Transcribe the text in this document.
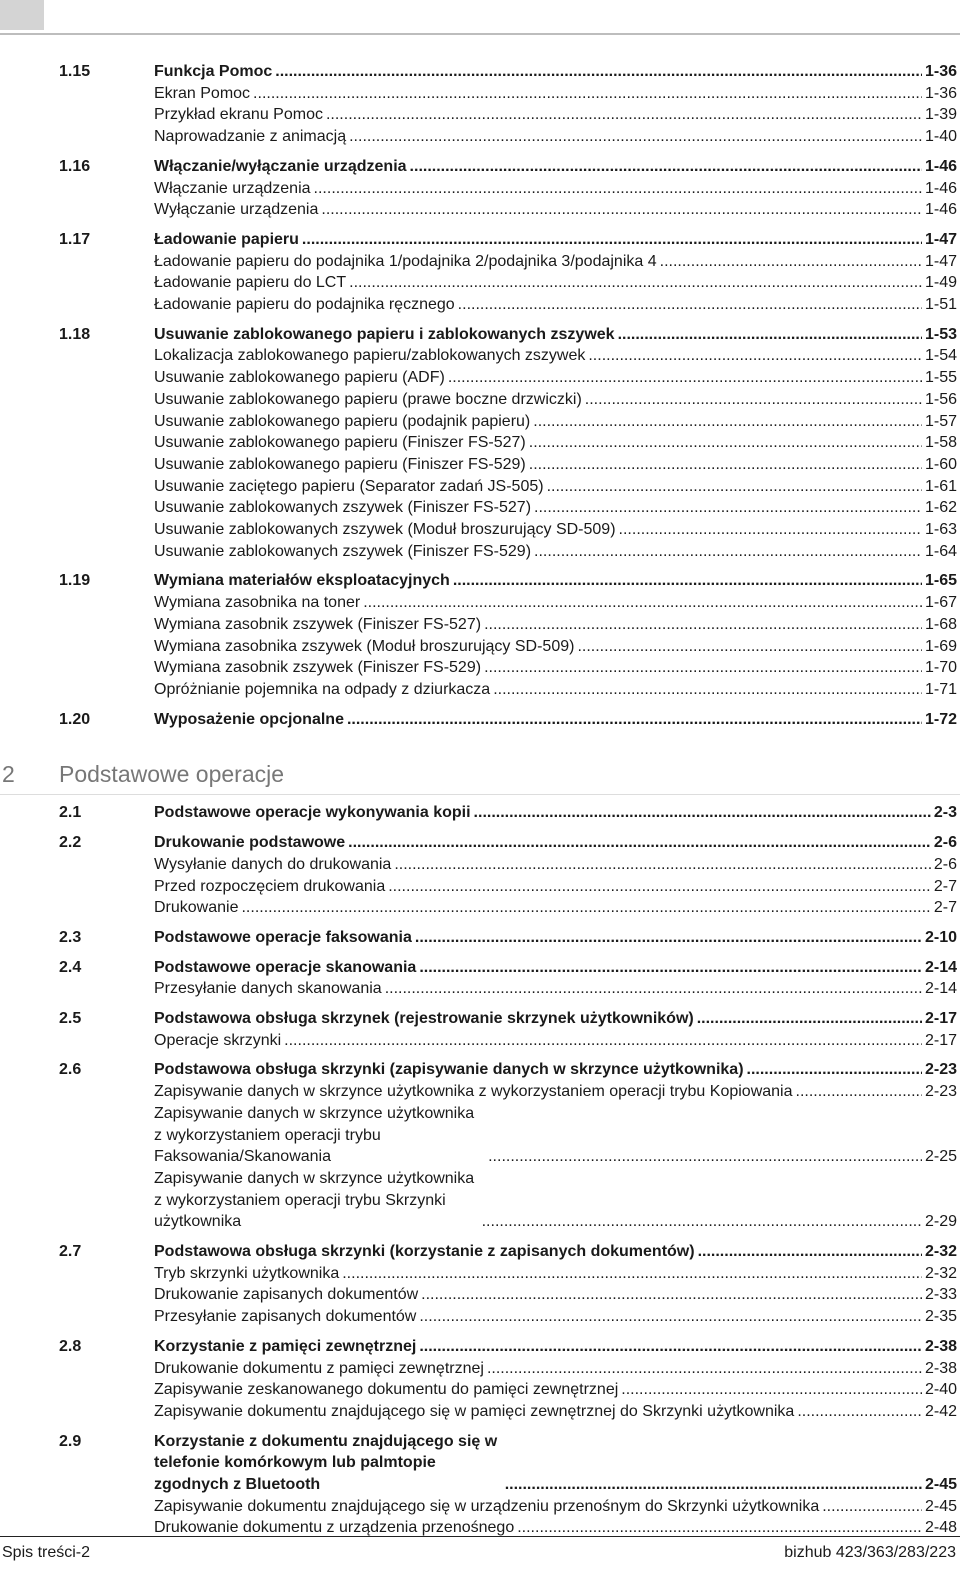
1.15	Funkcja Pomoc .....	1-36
Ekran Pomoc .....	1-36
Przykład ekranu Pomoc .....	1-39
Naprowadzanie z animacją .....	1-40
1.16	Włączanie/wyłączanie urządzenia .....	1-46
Włączanie urządzenia .....	1-46
Wyłączanie urządzenia .....	1-46
1.17	Ładowanie papieru .....	1-47
Ładowanie papieru do podajnika 1/podajnika 2/podajnika 3/podajnika 4 .....	1-47
Ładowanie papieru do LCT .....	1-49
Ładowanie papieru do podajnika ręcznego .....	1-51
1.18	Usuwanie zablokowanego papieru i zablokowanych zszywek .....	1-53
Lokalizacja zablokowanego papieru/zablokowanych zszywek .....	1-54
Usuwanie zablokowanego papieru (ADF) .....	1-55
Usuwanie zablokowanego papieru (prawe boczne drzwiczki) .....	1-56
Usuwanie zablokowanego papieru (podajnik papieru) .....	1-57
Usuwanie zablokowanego papieru (Finiszer FS-527) .....	1-58
Usuwanie zablokowanego papieru (Finiszer FS-529) .....	1-60
Usuwanie zaciętego papieru (Separator zadań JS-505) .....	1-61
Usuwanie zablokowanych zszywek (Finiszer FS-527) .....	1-62
Usuwanie zablokowanych zszywek (Moduł broszurujący SD-509) .....	1-63
Usuwanie zablokowanych zszywek (Finiszer FS-529) .....	1-64
1.19	Wymiana materiałów eksploatacyjnych .....	1-65
Wymiana zasobnika na toner .....	1-67
Wymiana zasobnik zszywek (Finiszer FS-527) .....	1-68
Wymiana zasobnika zszywek (Moduł broszurujący SD-509) .....	1-69
Wymiana zasobnik zszywek (Finiszer FS-529) .....	1-70
Opróżnianie pojemnika na odpady z dziurkacza .....	1-71
1.20	Wyposażenie opcjonalne .....	1-72
2 Podstawowe operacje
2.1	Podstawowe operacje wykonywania kopii .....	2-3
2.2	Drukowanie podstawowe .....	2-6
Wysyłanie danych do drukowania .....	2-6
Przed rozpoczęciem drukowania .....	2-7
Drukowanie .....	2-7
2.3	Podstawowe operacje faksowania .....	2-10
2.4	Podstawowe operacje skanowania .....	2-14
Przesyłanie danych skanowania .....	2-14
2.5	Podstawowa obsługa skrzynek (rejestrowanie skrzynek użytkowników) .....	2-17
Operacje skrzynki .....	2-17
2.6	Podstawowa obsługa skrzynki (zapisywanie danych w skrzynce użytkownika) .....	2-23
Zapisywanie danych w skrzynce użytkownika z wykorzystaniem operacji trybu Kopiowania .....	2-23
Zapisywanie danych w skrzynce użytkownika z wykorzystaniem operacji trybu Faksowania/Skanowania .....	2-25
Zapisywanie danych w skrzynce użytkownika z wykorzystaniem operacji trybu Skrzynki użytkownika .....	2-29
2.7	Podstawowa obsługa skrzynki (korzystanie z zapisanych dokumentów) .....	2-32
Tryb skrzynki użytkownika .....	2-32
Drukowanie zapisanych dokumentów .....	2-33
Przesyłanie zapisanych dokumentów .....	2-35
2.8	Korzystanie z pamięci zewnętrznej .....	2-38
Drukowanie dokumentu z pamięci zewnętrznej .....	2-38
Zapisywanie zeskanowanego dokumentu do pamięci zewnętrznej .....	2-40
Zapisywanie dokumentu znajdującego się w pamięci zewnętrznej do Skrzynki użytkownika .....	2-42
2.9	Korzystanie z dokumentu znajdującego się w telefonie komórkowym lub palmtopie zgodnych z Bluetooth .....	2-45
Zapisywanie dokumentu znajdującego się w urządzeniu przenośnym do Skrzynki użytkownika .....	2-45
Drukowanie dokumentu z urządzenia przenośnego .....	2-48
Spis treści-2	bizhub 423/363/283/223
